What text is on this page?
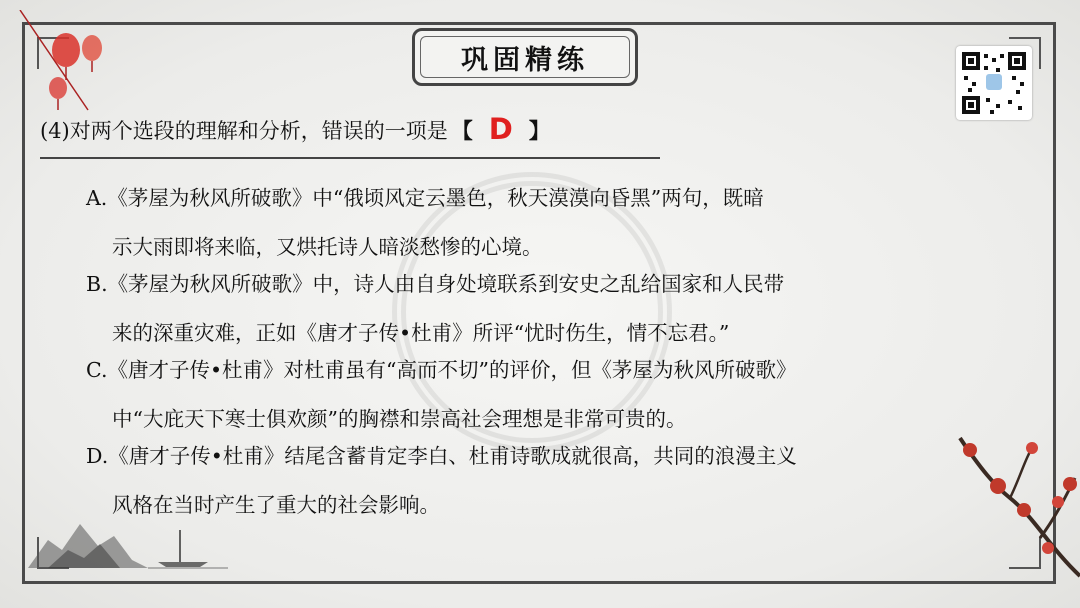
巩固精练
(4)对两个选段的理解和分析，错误的一项是 【 D 】
A.《茅屋为秋风所破歌》中“俄顷风定云墨色，秋天漠漠向昏黑”两句，既暗
示大雨即将来临，又烘托诗人暗淡愁惨的心境。
B.《茅屋为秋风所破歌》中，诗人由自身处境联系到安史之乱给国家和人民带
来的深重灾难，正如《唐才子传•杜甫》所评“忧时伤生，情不忘君。”
C.《唐才子传•杜甫》对杜甫虽有“高而不切”的评价，但《茅屋为秋风所破歌》
中“大庇天下寒士俱欢颜”的胸襟和崇高社会理想是非常可贵的。
D.《唐才子传•杜甫》结尾含蓄肯定李白、杜甫诗歌成就很高，共同的浪漫主义
风格在当时产生了重大的社会影响。
